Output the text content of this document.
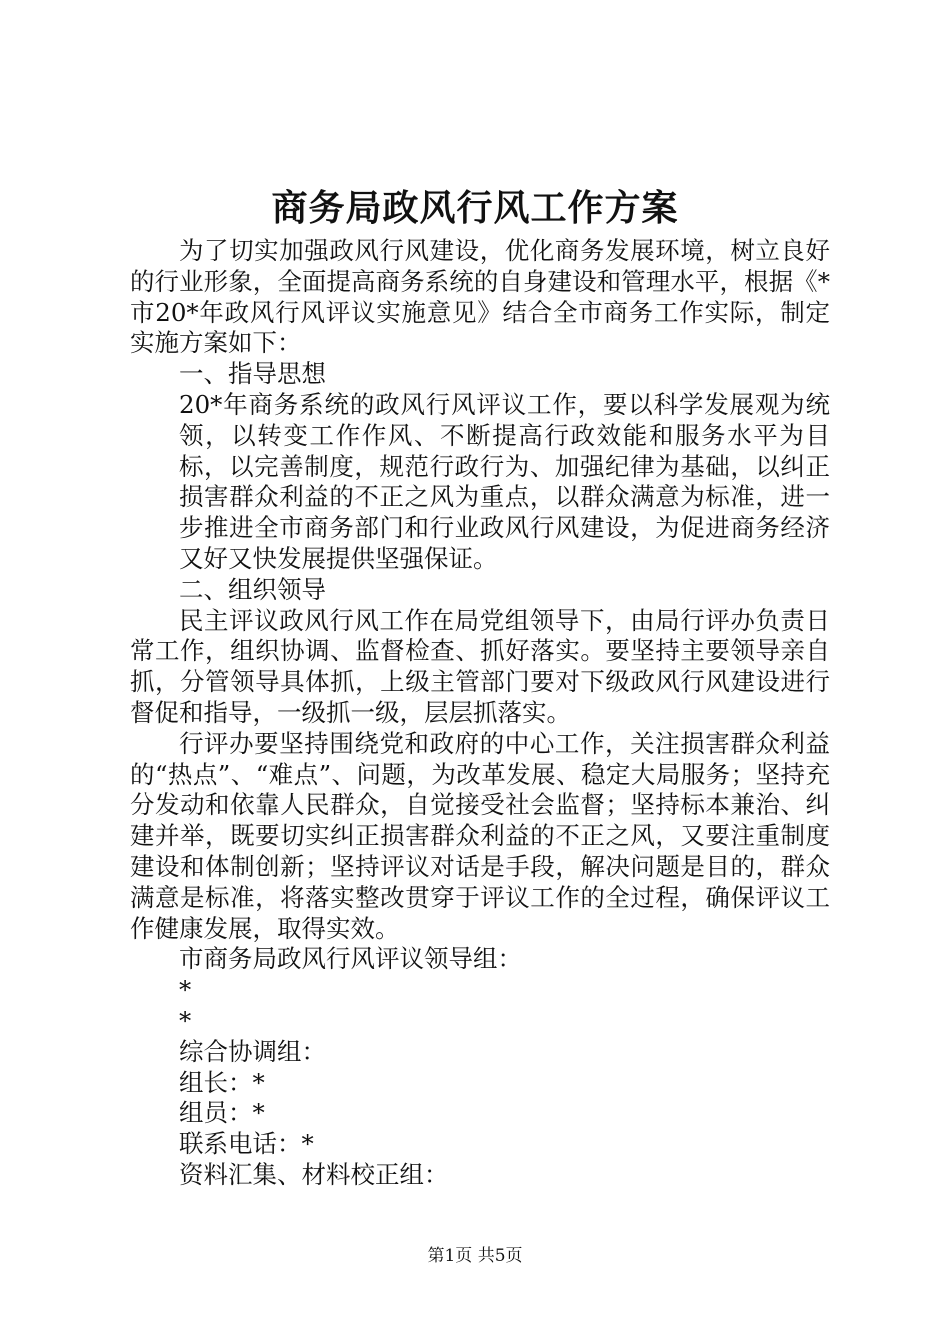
商务局政风行风工作方案

为了切实加强政风行风建设，优化商务发展环境，树立良好的行业形象，全面提高商务系统的自身建设和管理水平，根据《*市20*年政风行风评议实施意见》结合全市商务工作实际，制定实施方案如下：

一、指导思想

20*年商务系统的政风行风评议工作，要以科学发展观为统领，以转变工作作风、不断提高行政效能和服务水平为目标，以完善制度，规范行政行为、加强纪律为基础，以纠正损害群众利益的不正之风为重点，以群众满意为标准，进一步推进全市商务部门和行业政风行风建设，为促进商务经济又好又快发展提供坚强保证。

二、组织领导

民主评议政风行风工作在局党组领导下，由局行评办负责日常工作，组织协调、监督检查、抓好落实。要坚持主要领导亲自抓，分管领导具体抓，上级主管部门要对下级政风行风建设进行督促和指导，一级抓一级，层层抓落实。

行评办要坚持围绕党和政府的中心工作，关注损害群众利益的“热点”、“难点”、问题，为改革发展、稳定大局服务；坚持充分发动和依靠人民群众，自觉接受社会监督；坚持标本兼治、纠建并举，既要切实纠正损害群众利益的不正之风，又要注重制度建设和体制创新；坚持评议对话是手段，解决问题是目的，群众满意是标准，将落实整改贯穿于评议工作的全过程，确保评议工作健康发展，取得实效。

市商务局政风行风评议领导组：

*

*

综合协调组：

组长：*

组员：*

联系电话：*

资料汇集、材料校正组：

第1页 共5页
